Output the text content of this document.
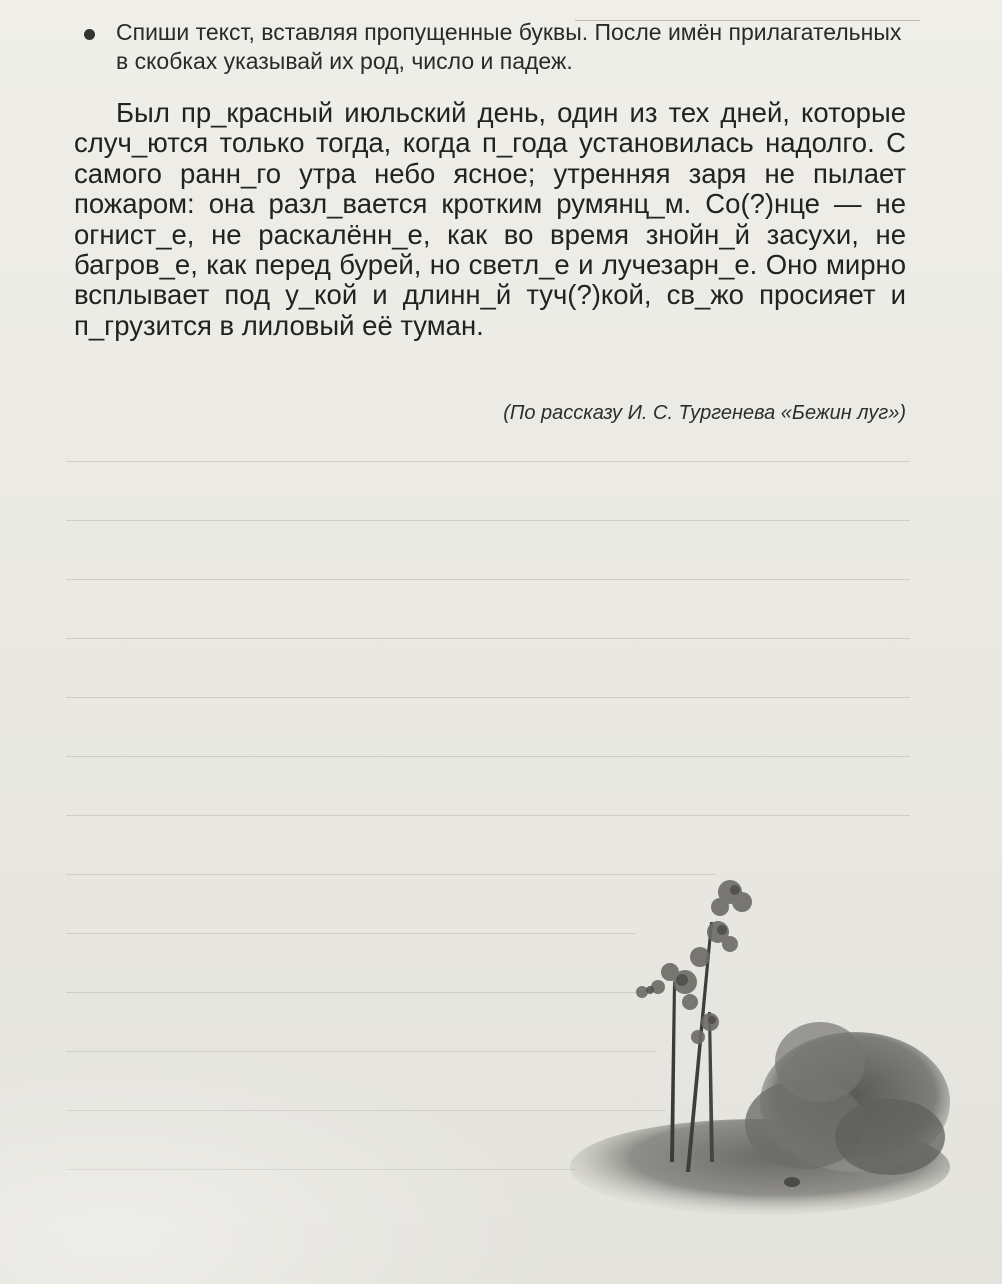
Спиши текст, вставляя пропущенные буквы. После имён прилагательных в скобках указывай их род, число и падеж.
Был пр_красный июльский день, один из тех дней, которые случ_ются только тогда, когда п_года установилась надолго. С самого ранн_го утра небо ясное; утренняя заря не пылает пожаром: она разл_вается кротким румянц_м. Со(?)нце — не огнист_е, не раскалённ_е, как во время знойн_й засухи, не багров_е, как перед бурей, но светл_е и лучезарн_е. Оно мирно всплывает под у_кой и длинн_й туч(?)кой, св_жо просияет и п_грузится в лиловый её туман.
(По рассказу И. С. Тургенева «Бежин луг»)
